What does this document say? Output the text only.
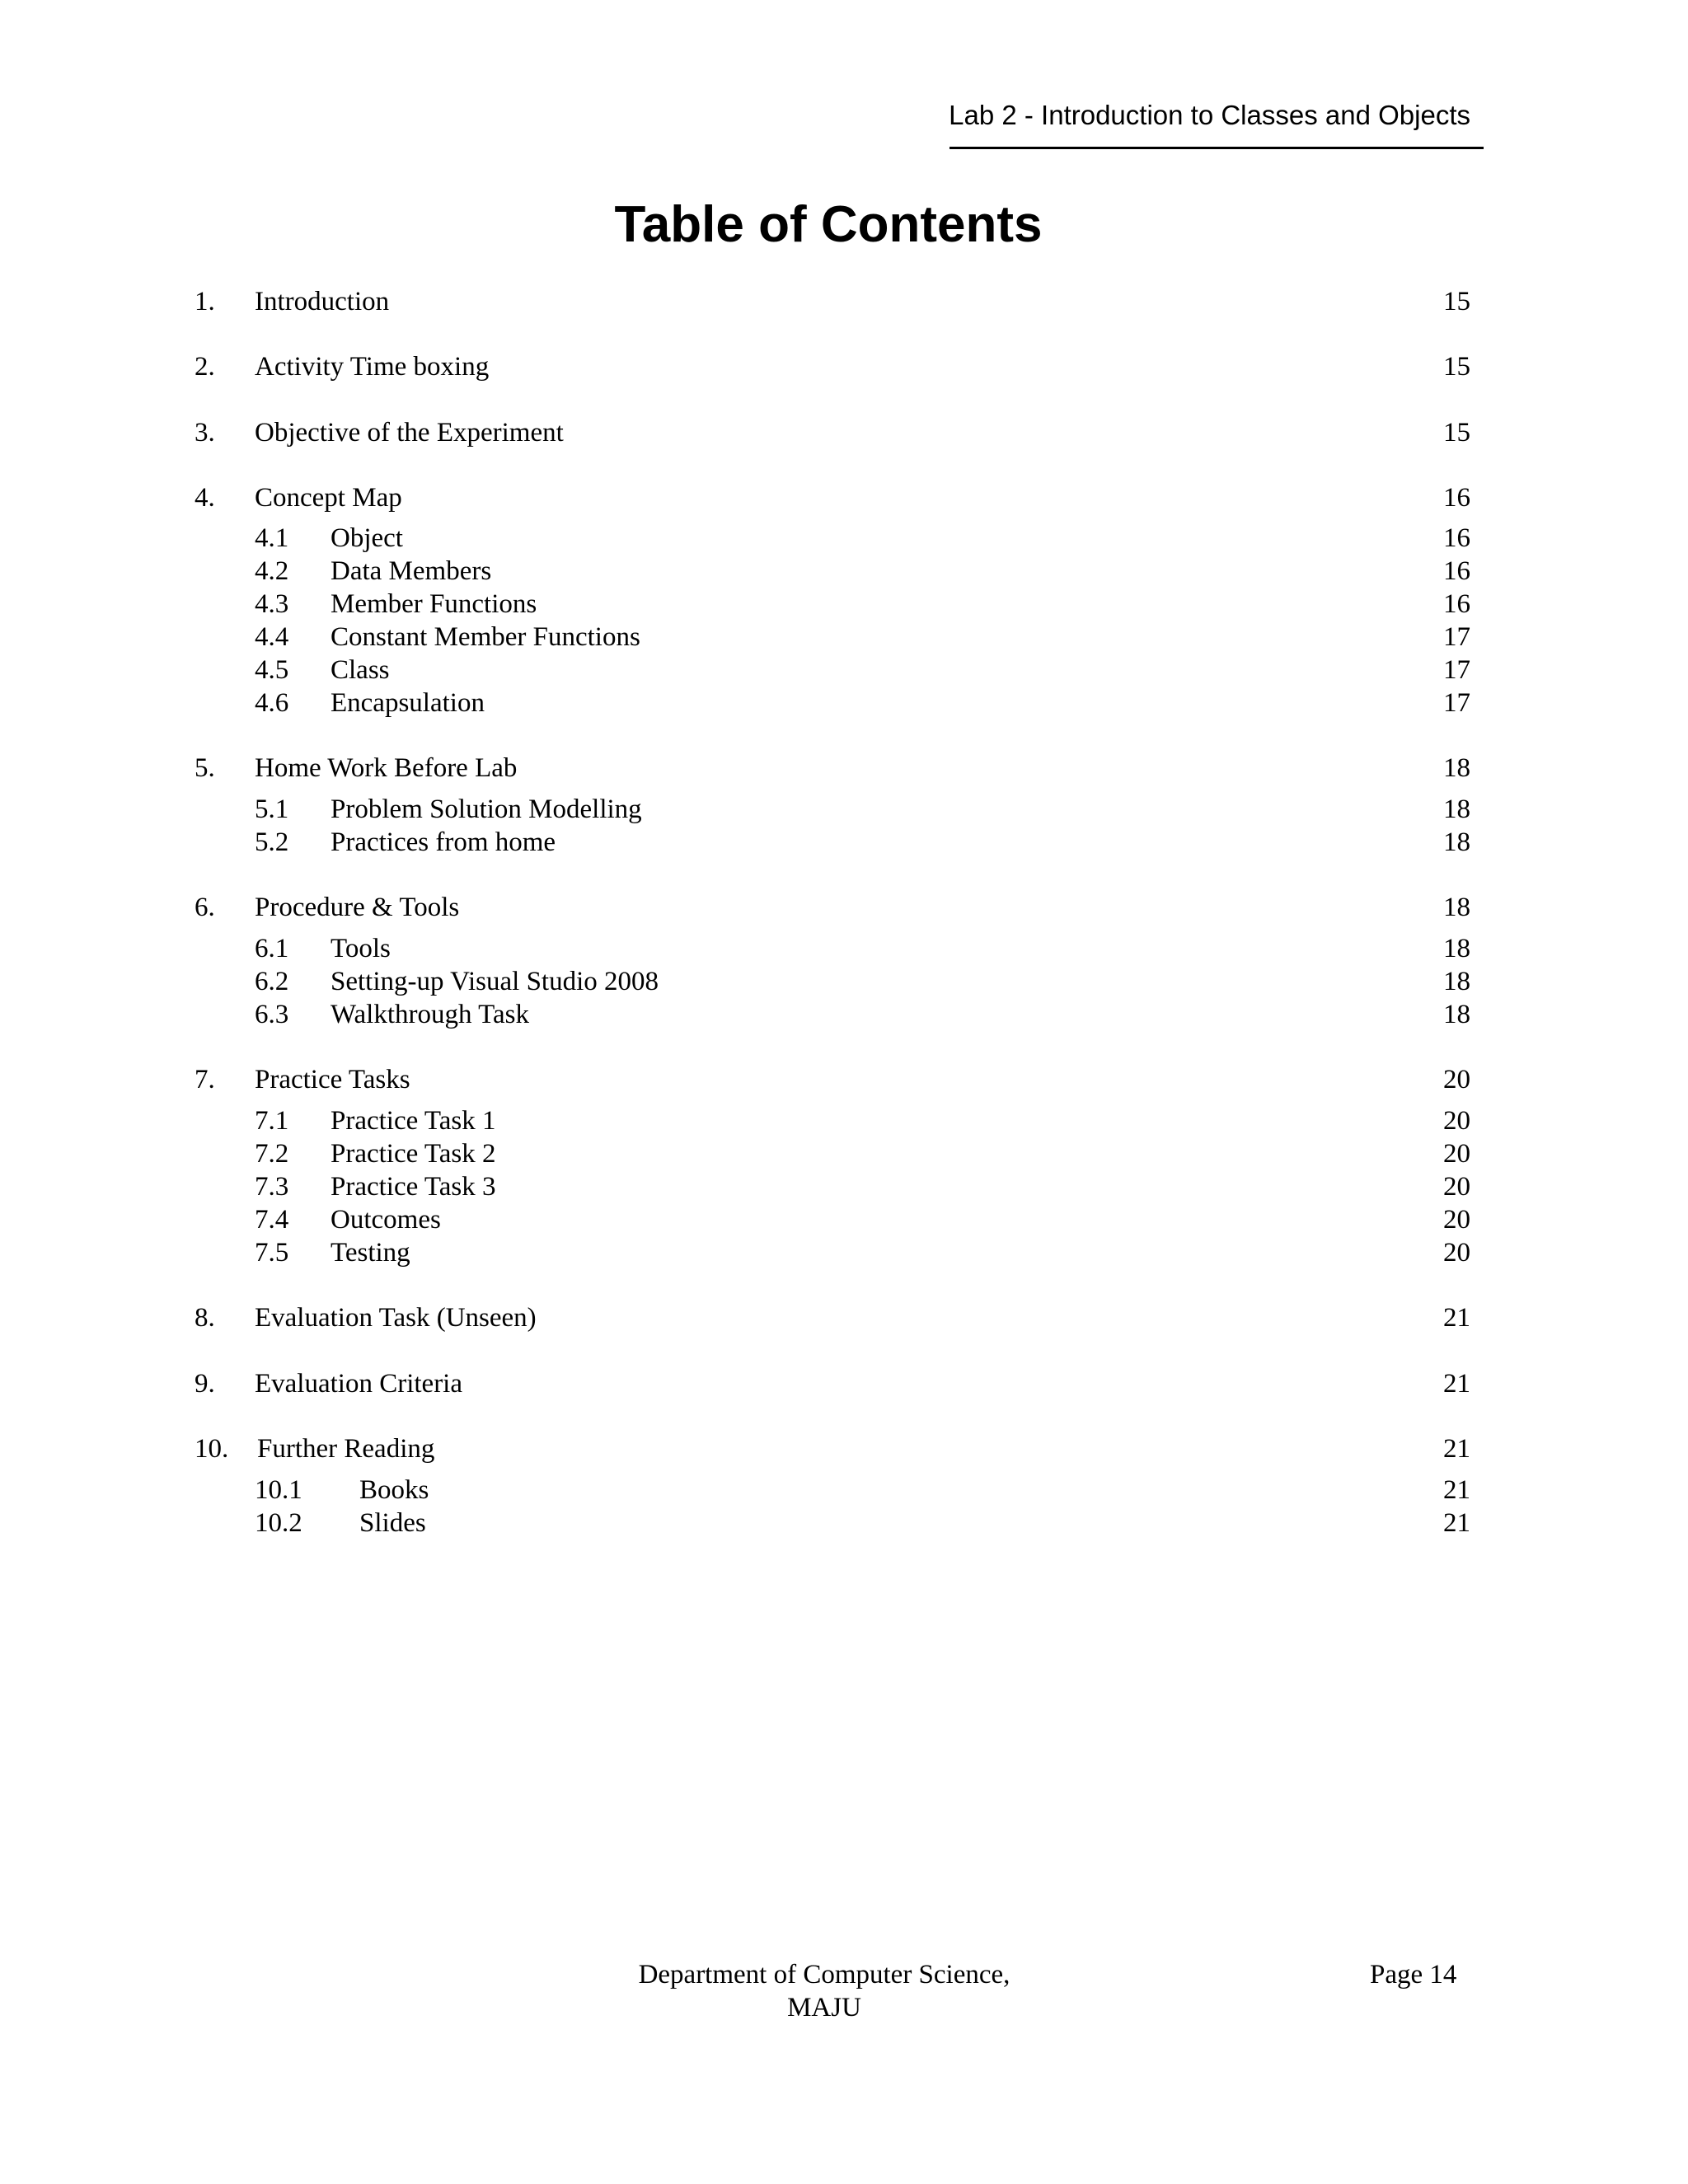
Lab 2 - Introduction to Classes and Objects
Table of Contents
1. Introduction	15
2. Activity Time boxing	15
3. Objective of the Experiment	15
4. Concept Map	16
4.1 Object	16
4.2 Data Members	16
4.3 Member Functions	16
4.4 Constant Member Functions	17
4.5 Class	17
4.6 Encapsulation	17
5. Home Work Before Lab	18
5.1 Problem Solution Modelling	18
5.2 Practices from home	18
6. Procedure & Tools	18
6.1 Tools	18
6.2 Setting-up Visual Studio 2008	18
6.3 Walkthrough Task	18
7. Practice Tasks	20
7.1 Practice Task 1	20
7.2 Practice Task 2	20
7.3 Practice Task 3	20
7.4 Outcomes	20
7.5 Testing	20
8. Evaluation Task (Unseen)	21
9. Evaluation Criteria	21
10. Further Reading	21
10.1 Books	21
10.2 Slides	21
Department of Computer Science,
MAJU
Page 14
